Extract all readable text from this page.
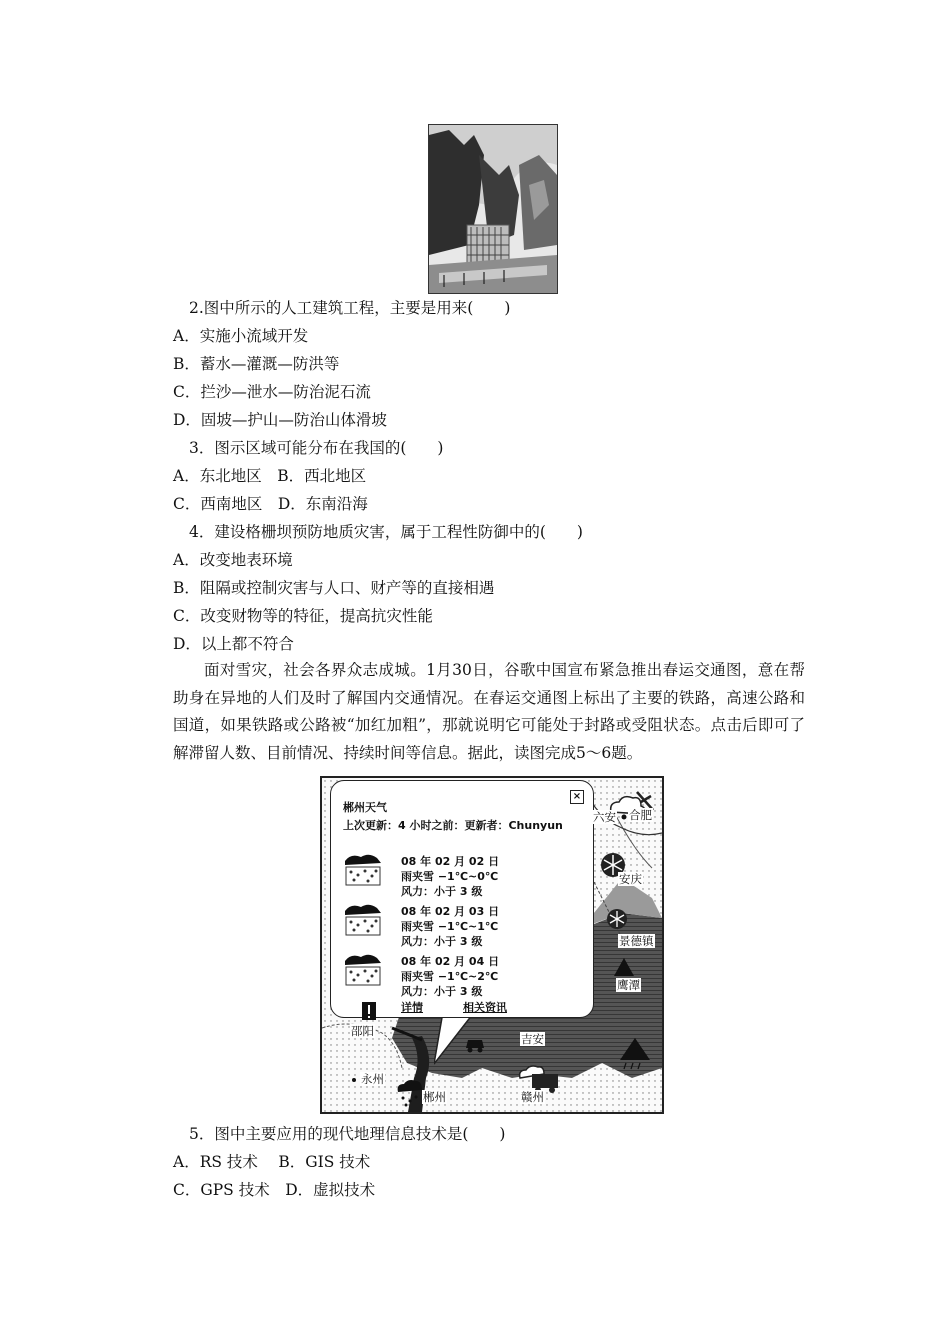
2.图中所示的人工建筑工程，主要是用来(　　)
A．实施小流域开发
B．蓄水—灌溉—防洪等
C．拦沙—泄水—防治泥石流
D．固坡—护山—防治山体滑坡
3．图示区域可能分布在我国的(　　)
A．东北地区　B．西北地区
C．西南地区　D．东南沿海
4．建设格栅坝预防地质灾害，属于工程性防御中的(　　)
A．改变地表环境
B．阻隔或控制灾害与人口、财产等的直接相遇
C．改变财物等的特征，提高抗灾性能
D．以上都不符合
面对雪灾，社会各界众志成城。1月30日，谷歌中国宣布紧急推出春运交通图，意在帮助身在异地的人们及时了解国内交通情况。在春运交通图上标出了主要的铁路，高速公路和国道，如果铁路或公路被“加红加粗”，那就说明它可能处于封路或受阻状态。点击后即可了解滞留人数、目前情况、持续时间等信息。据此，读图完成5～6题。
郴州天气
×
上次更新：4 小时之前：更新者：Chunyun
08 年 02 月 02 日
雨夹雪 −1℃~0℃
风力：小于 3 级
08 年 02 月 03 日
雨夹雪 −1℃~1℃
风力：小于 3 级
08 年 02 月 04 日
雨夹雪 −1℃~2℃
风力：小于 3 级
详情	相关资讯
六安 合肥
安庆
景德镇
鹰潭
吉安
邵阳
永州
郴州	赣州
5．图中主要应用的现代地理信息技术是(　　)
A．RS 技术　 B．GIS 技术
C．GPS 技术　D．虚拟技术
